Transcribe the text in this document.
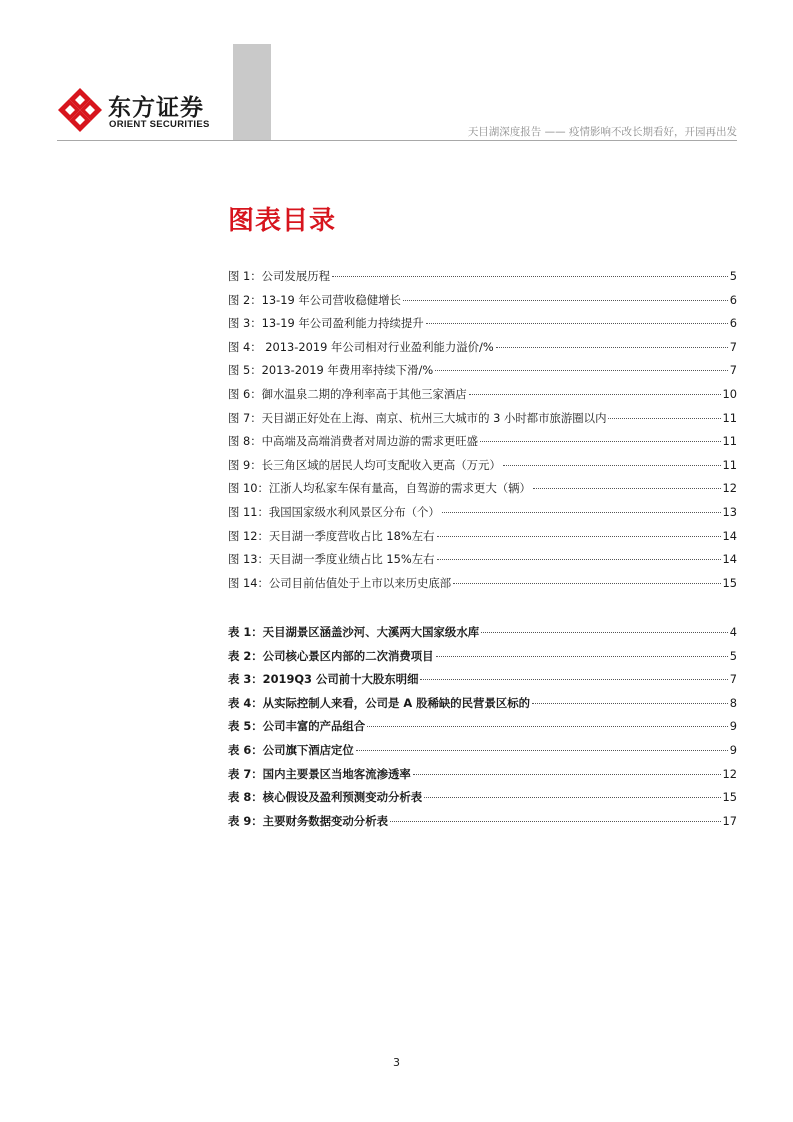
东方证券
ORIENT SECURITIES
天目湖深度报告 —— 疫情影响不改长期看好，开园再出发
图表目录
图 1：公司发展历程	5
图 2：13-19 年公司营收稳健增长	6
图 3：13-19 年公司盈利能力持续提升	6
图 4： 2013-2019 年公司相对行业盈利能力溢价/%	7
图 5：2013-2019 年费用率持续下滑/%	7
图 6：御水温泉二期的净利率高于其他三家酒店	10
图 7：天目湖正好处在上海、南京、杭州三大城市的 3 小时都市旅游圈以内	11
图 8：中高端及高端消费者对周边游的需求更旺盛	11
图 9：长三角区域的居民人均可支配收入更高（万元）	11
图 10：江浙人均私家车保有量高，自驾游的需求更大（辆）	12
图 11：我国国家级水利风景区分布（个）	13
图 12：天目湖一季度营收占比 18%左右	14
图 13：天目湖一季度业绩占比 15%左右	14
图 14：公司目前估值处于上市以来历史底部	15
表 1：天目湖景区涵盖沙河、大溪两大国家级水库	4
表 2：公司核心景区内部的二次消费项目	5
表 3：2019Q3 公司前十大股东明细	7
表 4：从实际控制人来看，公司是 A 股稀缺的民营景区标的	8
表 5：公司丰富的产品组合	9
表 6：公司旗下酒店定位	9
表 7：国内主要景区当地客流渗透率	12
表 8：核心假设及盈利预测变动分析表	15
表 9：主要财务数据变动分析表	17
3
